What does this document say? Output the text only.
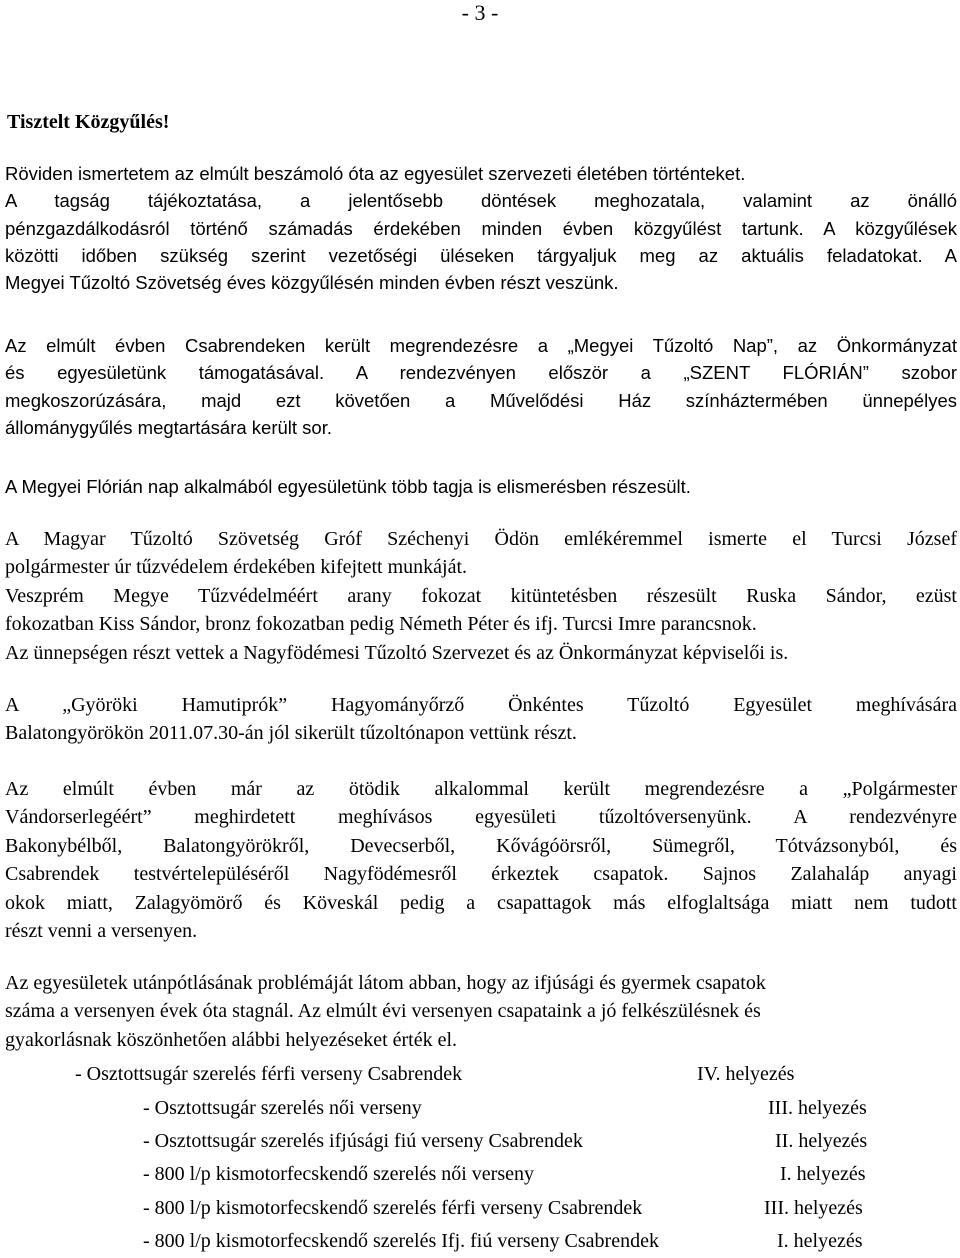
- 3 -
Tisztelt Közgyűlés!
Röviden ismertetem az elmúlt beszámoló óta az egyesület szervezeti életében történteket.
A tagság tájékoztatása, a jelentősebb döntések meghozatala, valamint az önálló
pénzgazdálkodásról történő számadás érdekében minden évben közgyűlést tartunk. A közgyűlések
közötti időben szükség szerint vezetőségi üléseken tárgyaljuk meg az aktuális feladatokat. A
Megyei Tűzoltó Szövetség éves közgyűlésén minden évben részt veszünk.
Az elmúlt évben Csabrendeken került megrendezésre a „Megyei Tűzoltó Nap”, az Önkormányzat
és egyesületünk támogatásával. A rendezvényen először a „SZENT FLÓRIÁN” szobor
megkoszorúzására, majd ezt követően a Művelődési Ház színháztermében ünnepélyes
állománygyűlés megtartására került sor.
A Megyei Flórián nap alkalmából egyesületünk több tagja is elismerésben részesült.
A Magyar Tűzoltó Szövetség Gróf Széchenyi Ödön emlékéremmel ismerte el Turcsi József
polgármester úr tűzvédelem érdekében kifejtett munkáját.
Veszprém Megye Tűzvédelméért arany fokozat kitüntetésben részesült Ruska Sándor, ezüst
fokozatban Kiss Sándor, bronz fokozatban pedig Németh Péter és ifj. Turcsi Imre parancsnok.
Az ünnepségen részt vettek a Nagyfödémesi Tűzoltó Szervezet és az Önkormányzat képviselői is.
A „Györöki Hamutiprók” Hagyományőrző Önkéntes Tűzoltó Egyesület meghívására
Balatongyörökön 2011.07.30-án jól sikerült tűzoltónapon vettünk részt.
Az elmúlt évben már az ötödik alkalommal került megrendezésre a „Polgármester
Vándorserlegéért” meghirdetett meghívásos egyesületi tűzoltóversenyünk. A rendezvényre
Bakonybélből, Balatongyörökről, Devecserből, Kővágóörsről, Sümegről, Tótvázsonyból, és
Csabrendek testvértelepüléséről Nagyfödémesről érkeztek csapatok. Sajnos Zalahaláp anyagi
okok miatt, Zalagyömörő és Köveskál pedig a csapattagok más elfoglaltsága miatt nem tudott
részt venni a versenyen.
Az egyesületek utánpótlásának problémáját látom abban, hogy az ifjúsági és gyermek csapatok
száma a versenyen évek óta stagnál. Az elmúlt évi versenyen csapataink a jó felkészülésnek és
gyakorlásnak köszönhetően alábbi helyezéseket érték el.
- Osztottsugár szerelés férfi verseny Csabrendek	IV. helyezés
- Osztottsugár szerelés női verseny	III. helyezés
- Osztottsugár szerelés ifjúsági fiú verseny Csabrendek	II. helyezés
- 800 l/p kismotorfecskendő szerelés női verseny	I. helyezés
- 800 l/p kismotorfecskendő szerelés férfi verseny Csabrendek	III. helyezés
- 800 l/p kismotorfecskendő szerelés Ifj. fiú verseny Csabrendek	I. helyezés
